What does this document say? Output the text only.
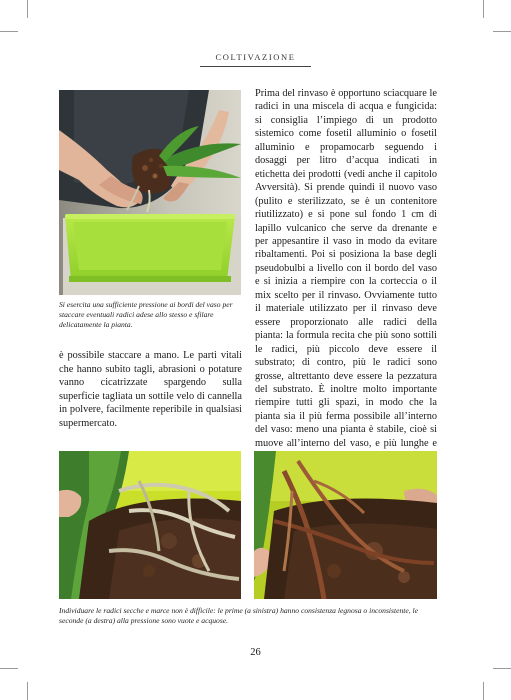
COLTIVAZIONE
Si esercita una sufficiente pressione ai bordi del vaso per staccare eventuali radici adese allo stesso e sfilare delicatamente la pianta.
è possibile staccare a mano. Le parti vitali che hanno subito tagli, abrasioni o potature vanno cicatrizzate spargendo sulla superficie tagliata un sottile velo di cannella in polvere, facilmente reperibile in qualsiasi supermercato.
Prima del rinvaso è opportuno sciacquare le radici in una miscela di acqua e fungicida: si consiglia l’impiego di un prodotto sistemico come fosetil alluminio o fosetil alluminio e propamocarb seguendo i dosaggi per litro d’acqua indicati in etichetta dei prodotti (vedi anche il capitolo Avversità). Si prende quindi il nuovo vaso (pulito e sterilizzato, se è un contenitore riutilizzato) e si pone sul fondo 1 cm di lapillo vulcanico che serve da drenante e per appesantire il vaso in modo da evitare ribaltamenti. Poi si posiziona la base degli pseudobulbi a livello con il bordo del vaso e si inizia a riempire con la corteccia o il mix scelto per il rinvaso. Ovviamente tutto il materiale utilizzato per il rinvaso deve essere proporzionato alle radici della pianta: la formula recita che più sono sottili le radici, più piccolo deve essere il substrato; di contro, più le radici sono grosse, altrettanto deve essere la pezzatura del substrato. È inoltre molto importante riempire tutti gli spazi, in modo che la pianta sia il più ferma possibile all’interno del vaso: meno una pianta è stabile, cioè si muove all’interno del vaso, e più lunghe e
Individuare le radici secche e marce non è difficile: le prime (a sinistra) hanno consistenza legnosa o inconsistente, le seconde (a destra) alla pressione sono vuote e acquose.
26
